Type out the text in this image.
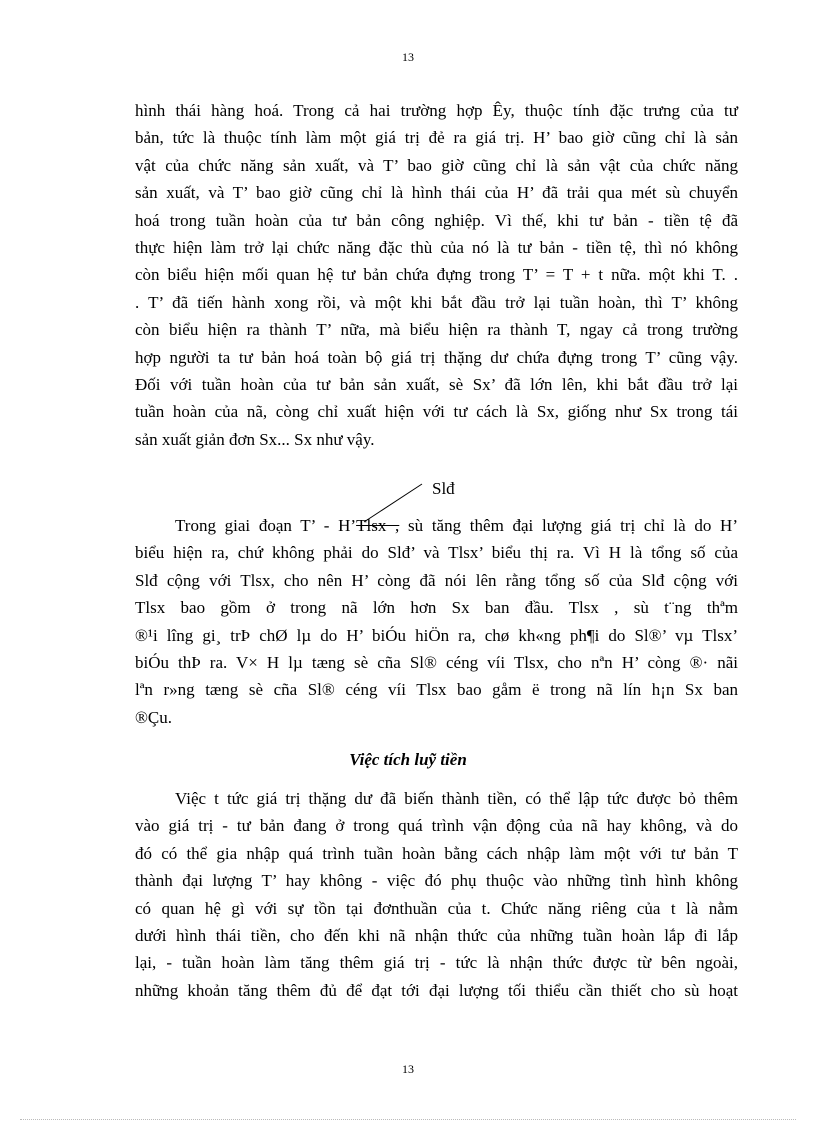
13
hình thái hàng hoá. Trong cả hai trường hợp Êy, thuộc tính đặc trưng của tư
bản, tức là thuộc tính làm một giá trị đẻ ra giá trị. H’ bao giờ cũng chỉ là sản
vật của chức năng sản xuất, và T’ bao giờ cũng chỉ là sản vật của chức năng
sản xuất, và T’ bao giờ cũng chỉ là hình thái của H’ đã trải qua mét sù chuyển
hoá trong tuần hoàn của tư bản công nghiệp. Vì thế, khi tư bản - tiền tệ đã
thực hiện làm trở lại chức năng đặc thù của nó là tư bản - tiền tệ, thì nó không
còn biểu hiện mối quan hệ tư bản chứa đựng trong T’ = T + t nữa. một khi T. .
. T’ đã tiến hành xong rồi, và một khi bắt đầu trở lại tuần hoàn, thì T’ không
còn biểu hiện ra thành T’ nữa, mà biểu hiện ra thành T, ngay cả trong trường
hợp người ta tư bản hoá toàn bộ giá trị thặng dư chứa đựng trong T’ cũng vậy.
Đối với tuần hoàn của tư bản sản xuất, sè Sx’ đã lớn lên, khi bắt đầu trở lại
tuần hoàn của nã, còng chỉ xuất hiện với tư cách là Sx, giống như Sx trong tái
sản xuất giản đơn Sx... Sx như vậy.
Slđ
Trong giai đoạn T’ - H’Tlsx , sù tăng thêm đại lượng giá trị chỉ là do H’
biểu hiện ra, chứ không phải do Slđ’ và Tlsx’ biểu thị ra. Vì H là tổng số của
Slđ cộng với Tlsx, cho nên H’ còng đã nói lên rằng tổng số của Slđ cộng với
Tlsx bao gồm ở trong nã lớn hơn Sx ban đầu. Tlsx , sù t¨ng thªm
®¹i lîng gi¸ trÞ chØ lµ do H’ biÓu hiÖn ra, chø kh«ng ph¶i do Sl®’ vµ Tlsx’
biÓu thÞ ra. V× H lµ tæng sè cña Sl® céng víi Tlsx, cho nªn H’ còng ®· nãi
lªn r»ng tæng sè cña Sl® céng víi Tlsx bao gåm ë trong nã lín h¡n Sx ban
®Çu.
Việc tích luỹ tiền
Việc t tức giá trị thặng dư đã biến thành tiền, có thể lập tức được bỏ thêm
vào giá trị - tư bản đang ở trong quá trình vận động của nã hay không, và do
đó có thể gia nhập quá trình tuần hoàn bằng cách nhập làm một với tư bản T
thành đại lượng T’ hay không - việc đó phụ thuộc vào những tình hình không
có quan hệ gì với sự tồn tại đơnthuần của t. Chức năng riêng của t là nằm
dưới hình thái tiền, cho đến khi nã nhận thức của những tuần hoàn lắp đi lắp
lại, - tuần hoàn làm tăng thêm giá trị - tức là nhận thức được từ bên ngoài,
những khoản tăng thêm đủ để đạt tới đại lượng tối thiểu cần thiết cho sù hoạt
13
